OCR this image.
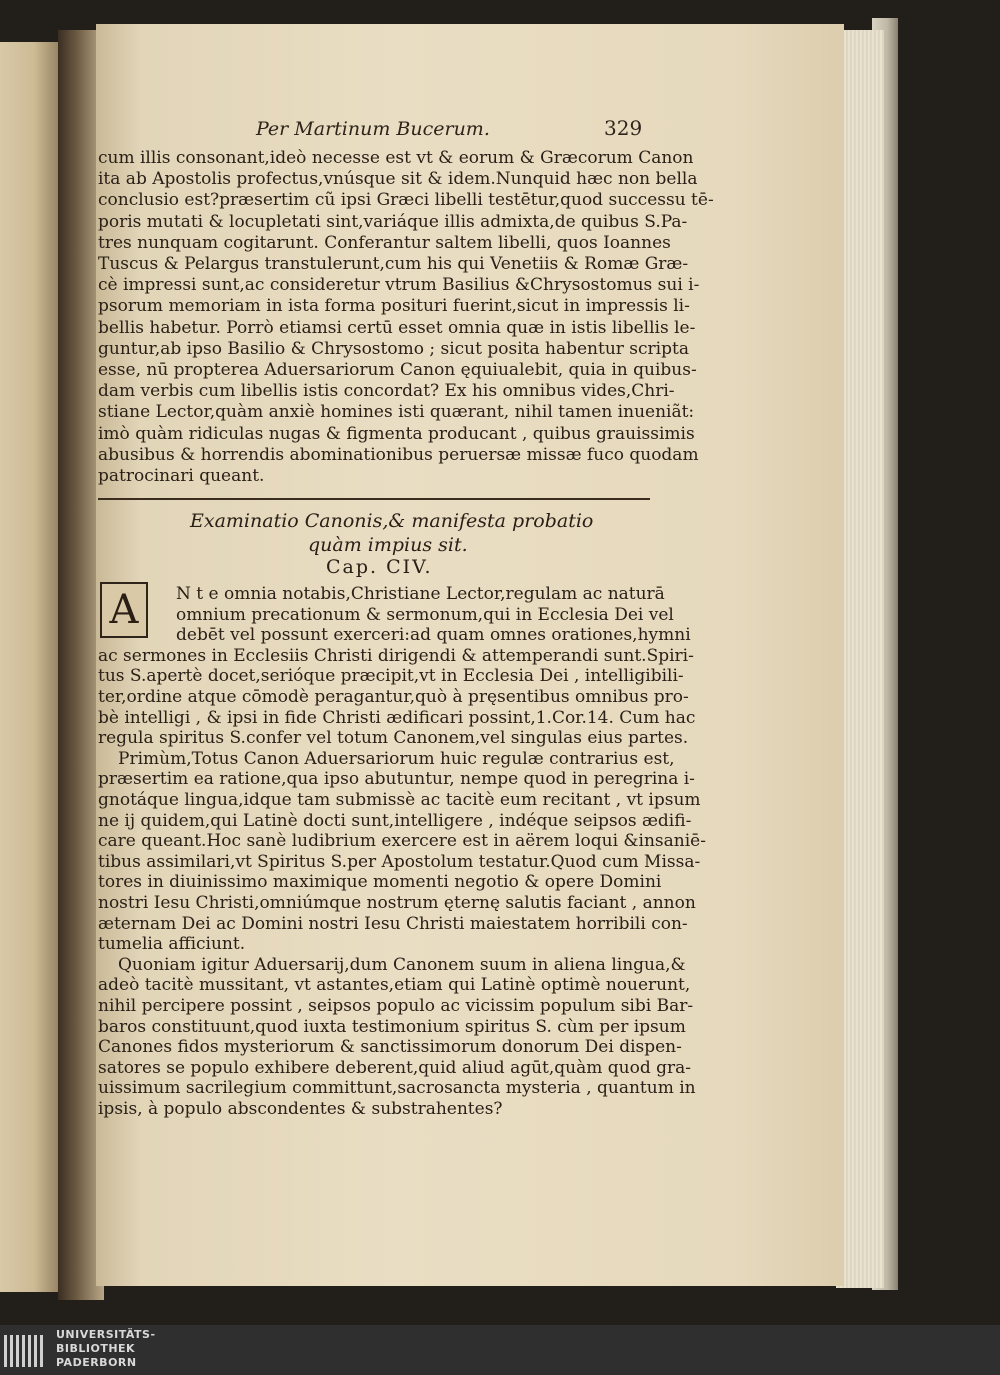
Per Martinum Bucerum.	329
Examinatio Canonis,& manifesta probatio
quàm impius sit.
Cap. CIV.
A
cum illis consonant,ideò necesse est vt & eorum & Græcorum Canon
ita ab Apostolis profectus,vnúsque sit & idem.Nunquid hæc non bella
conclusio est?præsertim cũ ipsi Græci libelli testētur,quod successu tē-
poris mutati & locupletati sint,variáque illis admixta,de quibus S.Pa-
tres nunquam cogitarunt. Conferantur saltem libelli, quos Ioannes
Tuscus & Pelargus transtulerunt,cum his qui Venetiis & Romæ Græ-
cè impressi sunt,ac consideretur vtrum Basilius &Chrysostomus sui i-
psorum memoriam in ista forma posituri fuerint,sicut in impressis li-
bellis habetur. Porrò etiamsi certū esset omnia quæ in istis libellis le-
guntur,ab ipso Basilio & Chrysostomo ; sicut posita habentur scripta
esse, nū propterea Aduersariorum Canon ęquiualebit, quia in quibus-
dam verbis cum libellis istis concordat? Ex his omnibus vides,Chri-
stiane Lector,quàm anxiè homines isti quærant, nihil tamen inueniãt:
imò quàm ridiculas nugas & figmenta producant , quibus grauissimis
abusibus & horrendis abominationibus peruersæ missæ fuco quodam
patrocinari queant.
N t e omnia notabis,Christiane Lector,regulam ac naturā
omnium precationum & sermonum,qui in Ecclesia Dei vel
debēt vel possunt exerceri:ad quam omnes orationes,hymni
ac sermones in Ecclesiis Christi dirigendi & attemperandi sunt.Spiri-
tus S.apertè docet,serióque præcipit,vt in Ecclesia Dei , intelligibili-
ter,ordine atque cōmodè peragantur,quò à pręsentibus omnibus pro-
bè intelligi , & ipsi in fide Christi ædificari possint,1.Cor.14. Cum hac
regula spiritus S.confer vel totum Canonem,vel singulas eius partes.
Primùm,Totus Canon Aduersariorum huic regulæ contrarius est,
præsertim ea ratione,qua ipso abutuntur, nempe quod in peregrina i-
gnotáque lingua,idque tam submissè ac tacitè eum recitant , vt ipsum
ne ij quidem,qui Latinè docti sunt,intelligere , indéque seipsos ædifi-
care queant.Hoc sanè ludibrium exercere est in aërem loqui &insaniē-
tibus assimilari,vt Spiritus S.per Apostolum testatur.Quod cum Missa-
tores in diuinissimo maximique momenti negotio & opere Domini
nostri Iesu Christi,omniúmque nostrum ęternę salutis faciant , annon
æternam Dei ac Domini nostri Iesu Christi maiestatem horribili con-
tumelia afficiunt.
Quoniam igitur Aduersarij,dum Canonem suum in aliena lingua,&
adeò tacitè mussitant, vt astantes,etiam qui Latinè optimè nouerunt,
nihil percipere possint , seipsos populo ac vicissim populum sibi Bar-
baros constituunt,quod iuxta testimonium spiritus S. cùm per ipsum
Canones fidos mysteriorum & sanctissimorum donorum Dei dispen-
satores se populo exhibere deberent,quid aliud agūt,quàm quod gra-
uissimum sacrilegium committunt,sacrosancta mysteria , quantum in
ipsis, à populo abscondentes & substrahentes?
UNIVERSITÄTS-
BIBLIOTHEK
PADERBORN
